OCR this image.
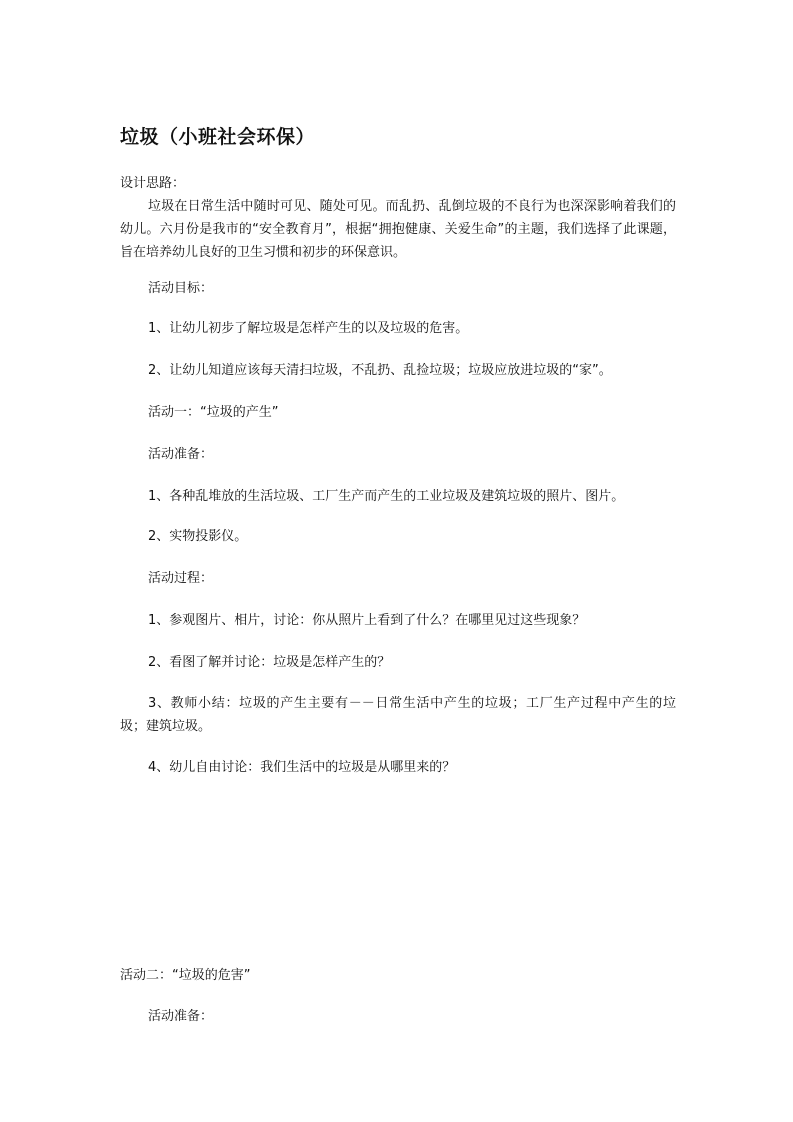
垃圾（小班社会环保）
设计思路：
垃圾在日常生活中随时可见、随处可见。而乱扔、乱倒垃圾的不良行为也深深影响着我们的幼儿。六月份是我市的“安全教育月”，根据“拥抱健康、关爱生命”的主题，我们选择了此课题，旨在培养幼儿良好的卫生习惯和初步的环保意识。
活动目标：
1、让幼儿初步了解垃圾是怎样产生的以及垃圾的危害。
2、让幼儿知道应该每天清扫垃圾，不乱扔、乱捡垃圾；垃圾应放进垃圾的“家”。
活动一：“垃圾的产生”
活动准备：
1、各种乱堆放的生活垃圾、工厂生产而产生的工业垃圾及建筑垃圾的照片、图片。
2、实物投影仪。
活动过程：
1、参观图片、相片，讨论：你从照片上看到了什么？在哪里见过这些现象？
2、看图了解并讨论：垃圾是怎样产生的？
3、教师小结：垃圾的产生主要有－－日常生活中产生的垃圾；工厂生产过程中产生的垃圾；建筑垃圾。
4、幼儿自由讨论：我们生活中的垃圾是从哪里来的？
活动二：“垃圾的危害”
活动准备：
